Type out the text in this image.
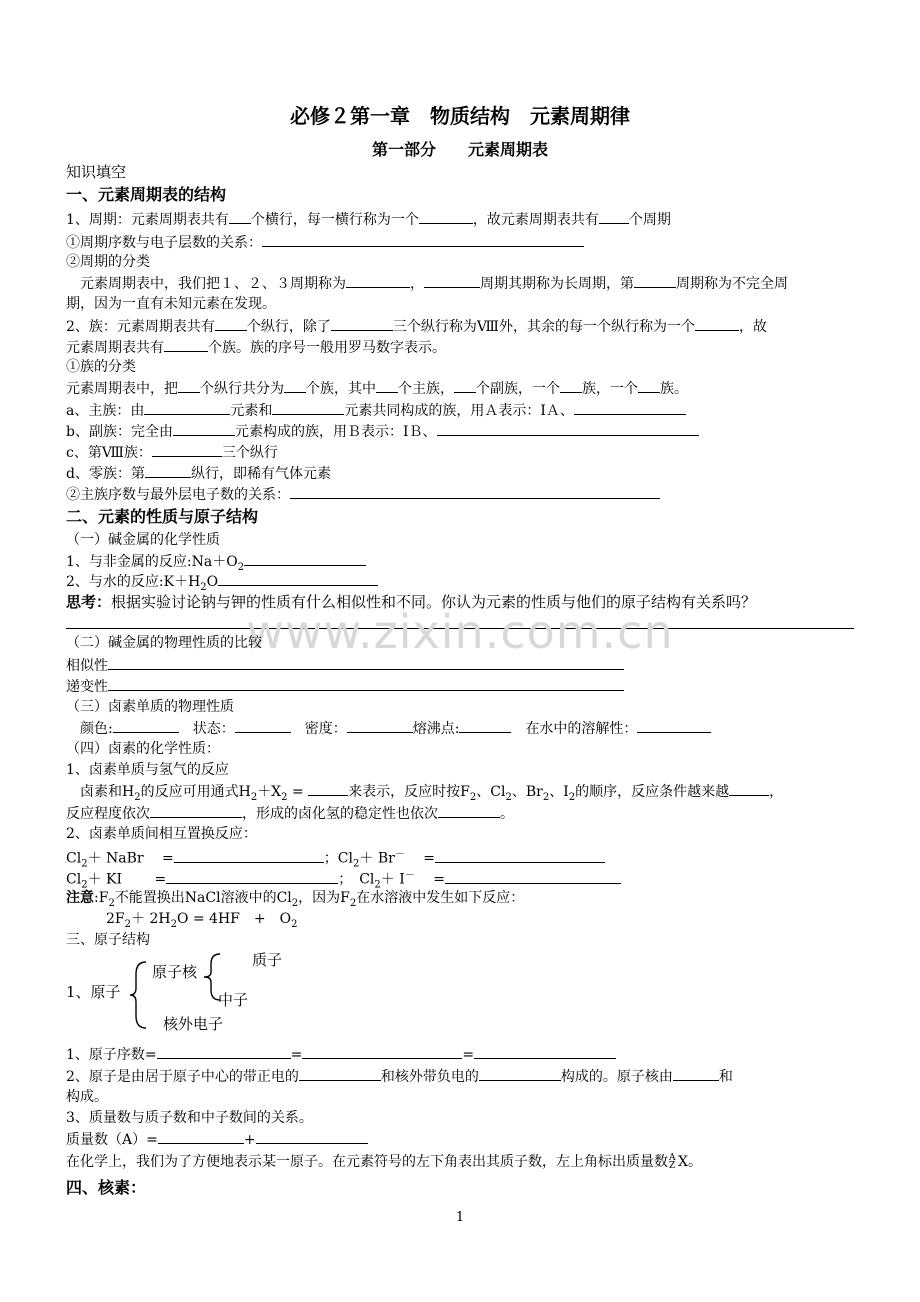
必修２第一章　物质结构　元素周期律
第一部分　　元素周期表
知识填空
一、元素周期表的结构
1、周期：元素周期表共有 个横行，每一横行称为一个	，故元素周期表共有 个周期
①周期序数与电子层数的关系：
②周期的分类
　元素周期表中，我们把１、２、３周期称为	，	周期其期称为长周期，第	周期称为不完全周
期，因为一直有未知元素在发现。
2、族：元素周期表共有 个纵行，除了	三个纵行称为Ⅷ外，其余的每一个纵行称为一个	，故
元素周期表共有	个族。族的序号一般用罗马数字表示。
①族的分类
元素周期表中，把 个纵行共分为 个族，其中 个主族， 个副族，一个 族，一个 族。
a、主族：由	元素和	元素共同构成的族，用Ａ表示：ⅠＡ、
b、副族：完全由	元素构成的族，用Ｂ表示：ⅠＢ、
c、第Ⅷ族：	三个纵行
d、零族：第	纵行，即稀有气体元素
②主族序数与最外层电子数的关系：
二、元素的性质与原子结构
（一）碱金属的化学性质
1、与非金属的反应$:Na+O_2$
2、与水的反应$:K+H_2O$
思考：根据实验讨论钠与钾的性质有什么相似性和不同。你认为元素的性质与他们的原子结构有关系吗？
www.zixin.com.cn
（二）碱金属的物理性质的比较
相似性
递变性
（三）卤素单质的物理性质
　颜色:　	状态：　	密度：	熔沸点:　	在水中的溶解性：
（四）卤素的化学性质：
1、卤素单质与氢气的反应
　卤素和$H_2$的反应可用通式$H_2+X_2$ =	来表示，反应时按$F_2$、$Cl_2$、$Br_2$、$I_2$的顺序，反应条件越来越	，
反应程度依次	，形成的卤化氢的稳定性也依次	。
2、卤素单质间相互置换反应：
$Cl_2+$ NaBr　 =	；$Cl_2+ Br^-$　 =
$Cl_2+$ KI　　 =	；　 $Cl_2+ I^-$　 =
注意$:F_2$不能置换出NaCl溶液中的$Cl_2$，因为$F_2$在水溶液中发生如下反应：
$2F_2+ 2H_2O = 4HF$　+　$O_2$
三、原子结构
1、原子
原子核
质子
中子
核外电子
1、原子序数=	=	=
2、原子是由居于原子中心的带正电的	和核外带负电的	构成的。原子核由	和
构成。
3、质量数与质子数和中子数间的关系。
质量数（A）=	+
在化学上，我们为了方便地表示某一原子。在元素符号的左下角表出其质子数，左上角标出质量数 A
Z X。
四、核素：
1
